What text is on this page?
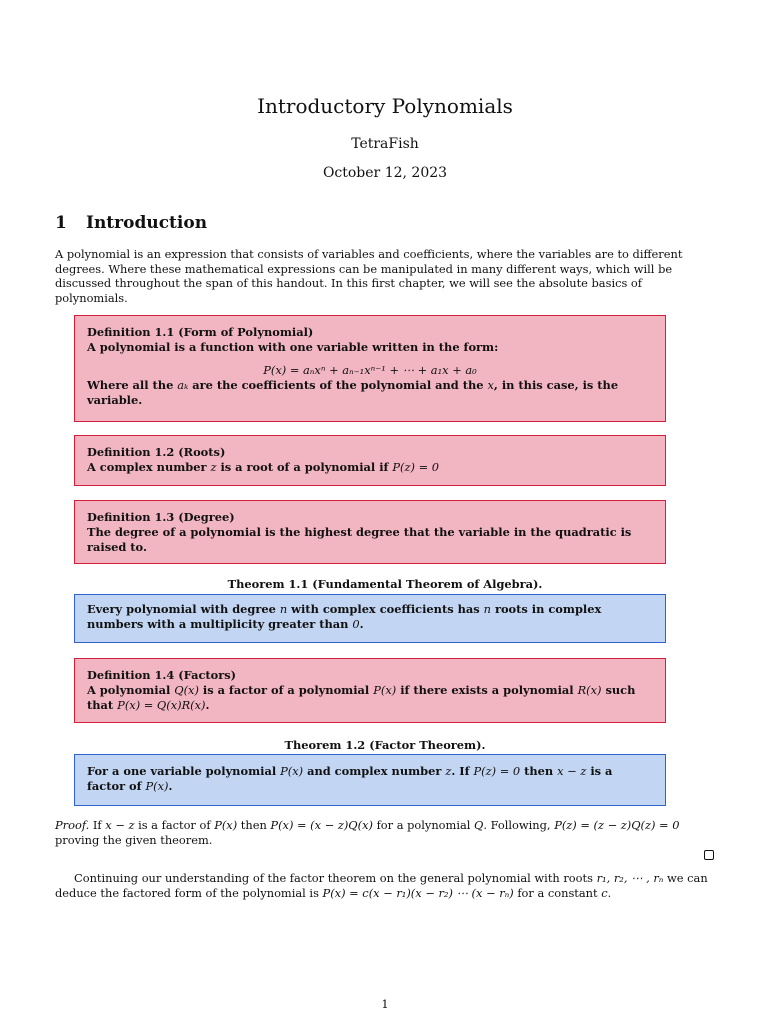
Introductory Polynomials
TetraFish
October 12, 2023
1 Introduction
A polynomial is an expression that consists of variables and coefficients, where the variables are to different degrees. Where these mathematical expressions can be manipulated in many different ways, which will be discussed throughout the span of this handout. In this first chapter, we will see the absolute basics of polynomials.
Definition 1.1 (Form of Polynomial)
A polynomial is a function with one variable written in the form:
P(x) = aₙxⁿ + aₙ₋₁xⁿ⁻¹ + ⋯ + a₁x + a₀
Where all the aₖ are the coefficients of the polynomial and the x, in this case, is the variable.
Definition 1.2 (Roots)
A complex number z is a root of a polynomial if P(z) = 0
Definition 1.3 (Degree)
The degree of a polynomial is the highest degree that the variable in the quadratic is raised to.
Theorem 1.1 (Fundamental Theorem of Algebra).
Every polynomial with degree n with complex coefficients has n roots in complex numbers with a multiplicity greater than 0.
Definition 1.4 (Factors)
A polynomial Q(x) is a factor of a polynomial P(x) if there exists a polynomial R(x) such that P(x) = Q(x)R(x).
Theorem 1.2 (Factor Theorem).
For a one variable polynomial P(x) and complex number z. If P(z) = 0 then x − z is a factor of P(x).
Proof. If x − z is a factor of P(x) then P(x) = (x − z)Q(x) for a polynomial Q. Following, P(z) = (z − z)Q(z) = 0 proving the given theorem.
Continuing our understanding of the factor theorem on the general polynomial with roots r₁, r₂, ⋯ , rₙ we can deduce the factored form of the polynomial is P(x) = c(x − r₁)(x − r₂) ⋯ (x − rₙ) for a constant c.
1
